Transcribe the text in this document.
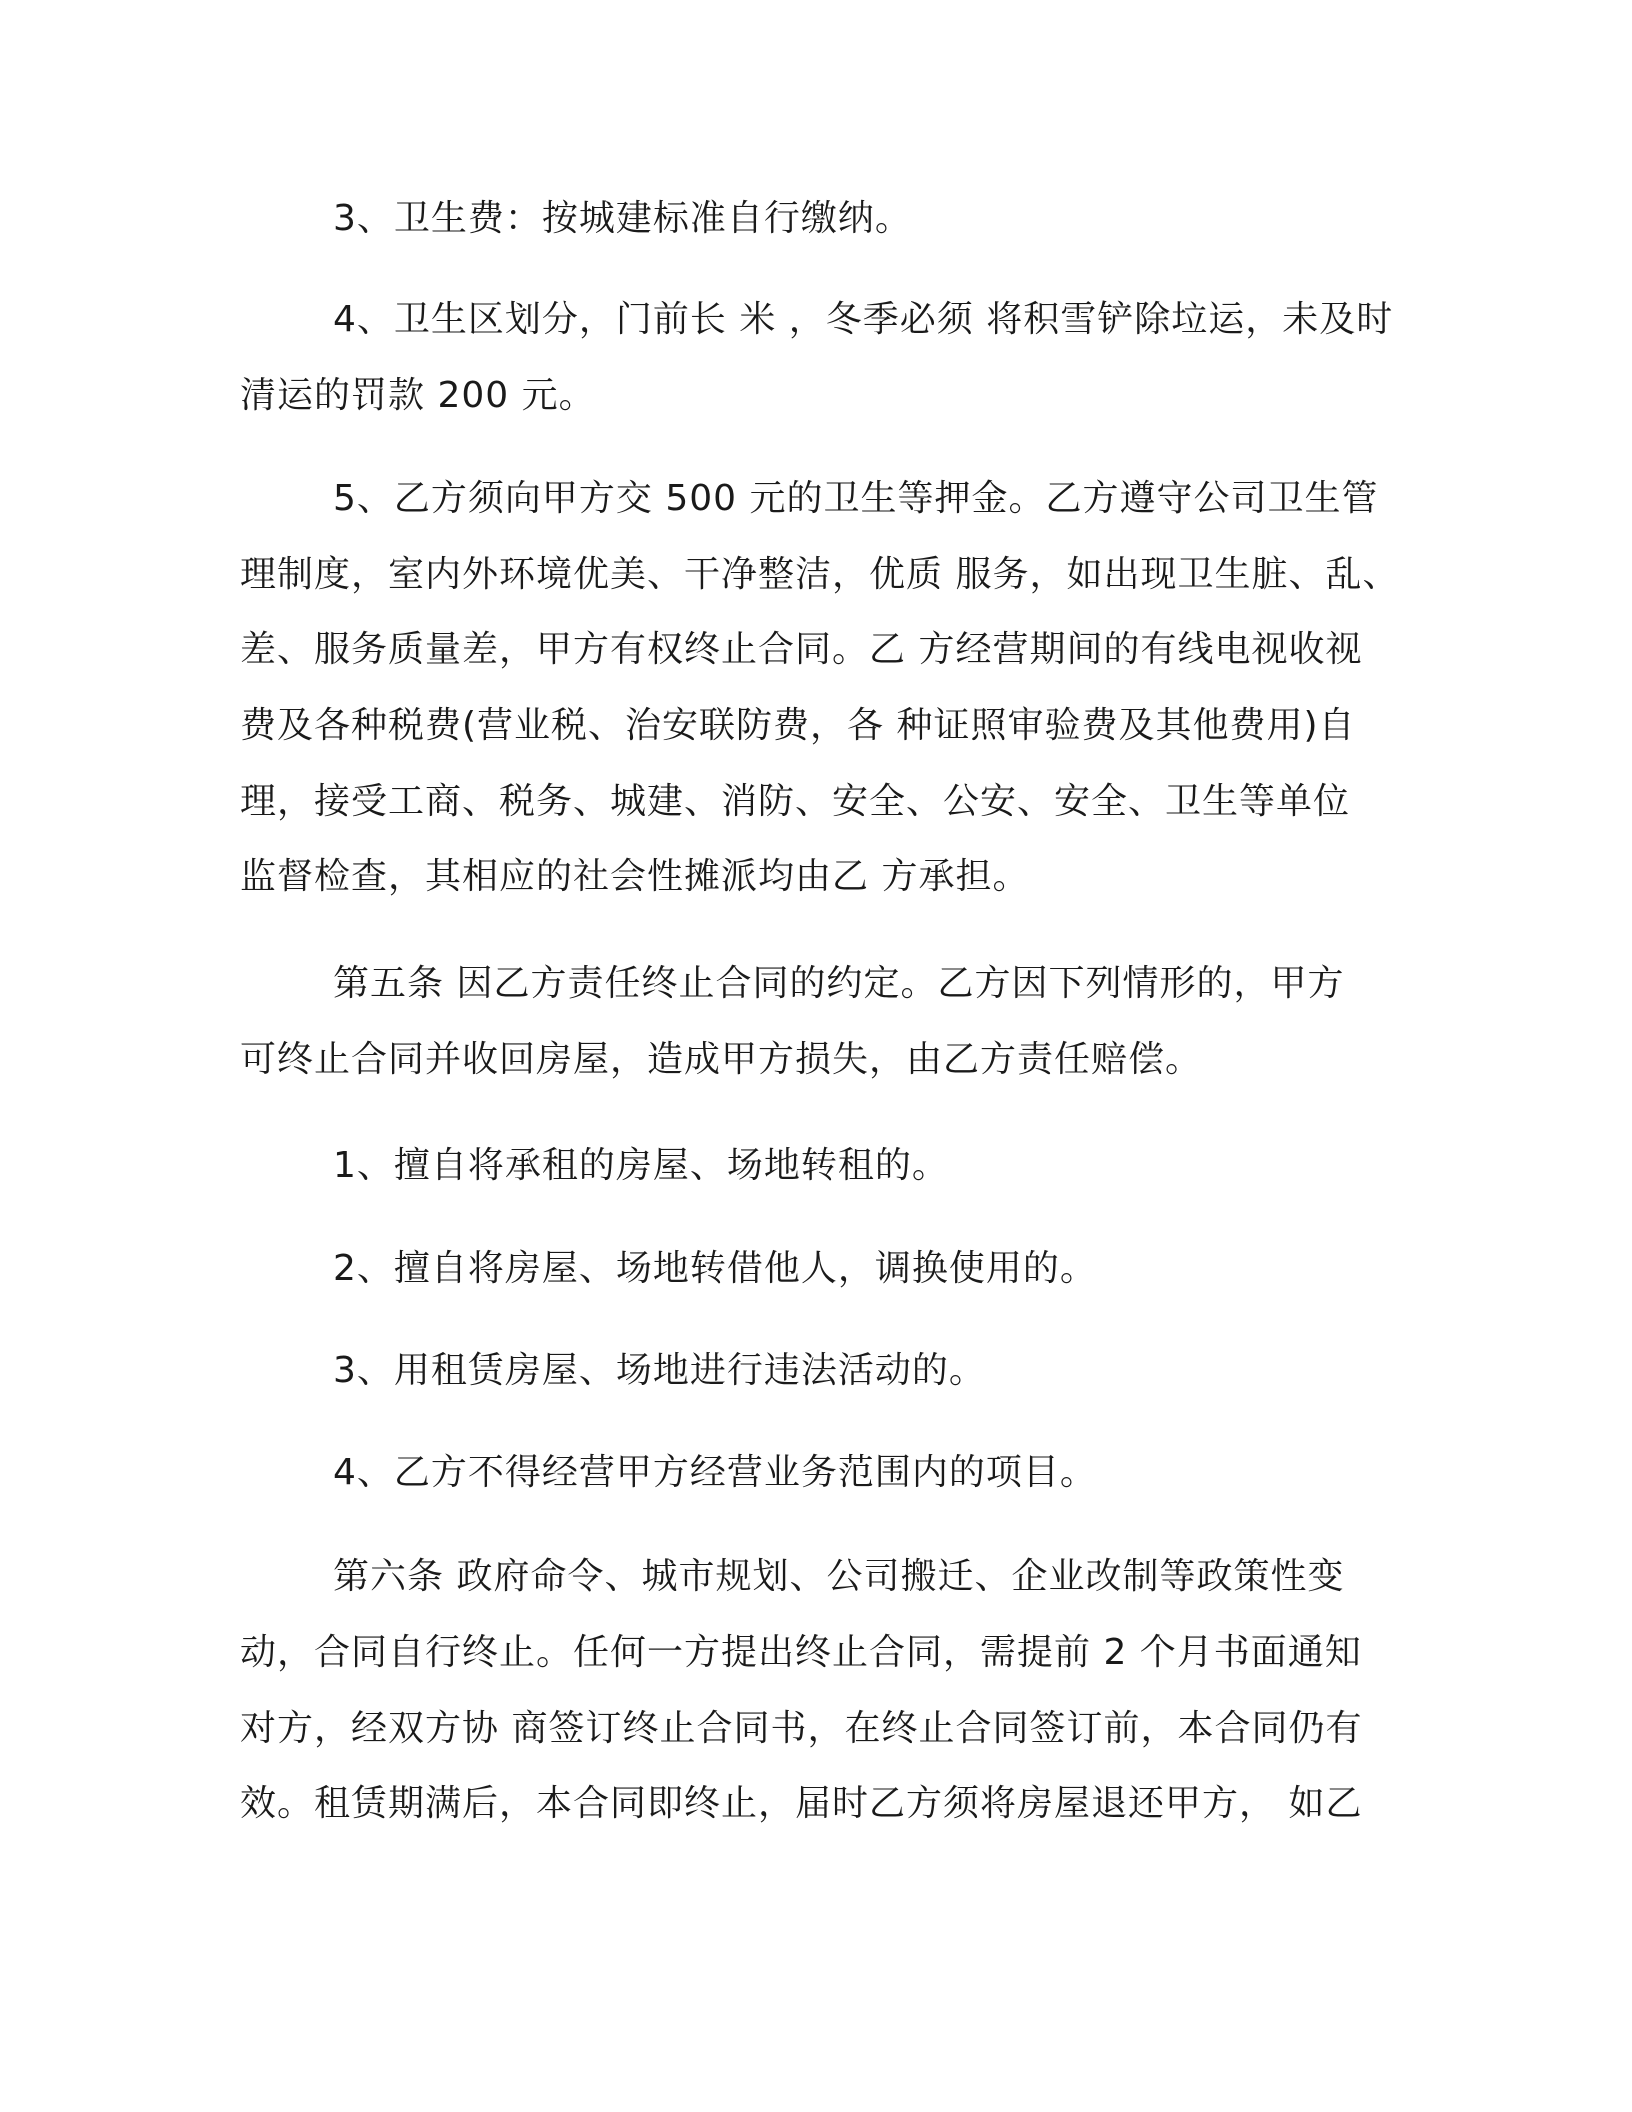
3、卫生费：按城建标准自行缴纳。

4、卫生区划分，门前长 米 ，冬季必须 将积雪铲除垃运，未及时

清运的罚款 200 元。

5、乙方须向甲方交 500 元的卫生等押金。乙方遵守公司卫生管

理制度，室内外环境优美、干净整洁，优质 服务，如出现卫生脏、乱、

差、服务质量差，甲方有权终止合同。乙 方经营期间的有线电视收视

费及各种税费(营业税、治安联防费，各 种证照审验费及其他费用)自

理，接受工商、税务、城建、消防、安全、公安、安全、卫生等单位

监督检查，其相应的社会性摊派均由乙 方承担。

第五条 因乙方责任终止合同的约定。乙方因下列情形的，甲方

可终止合同并收回房屋，造成甲方损失，由乙方责任赔偿。

1、擅自将承租的房屋、场地转租的。

2、擅自将房屋、场地转借他人，调换使用的。

3、用租赁房屋、场地进行违法活动的。

4、乙方不得经营甲方经营业务范围内的项目。

第六条 政府命令、城市规划、公司搬迁、企业改制等政策性变

动，合同自行终止。任何一方提出终止合同，需提前 2 个月书面通知

对方，经双方协 商签订终止合同书，在终止合同签订前，本合同仍有

效。租赁期满后，本合同即终止，届时乙方须将房屋退还甲方， 如乙
